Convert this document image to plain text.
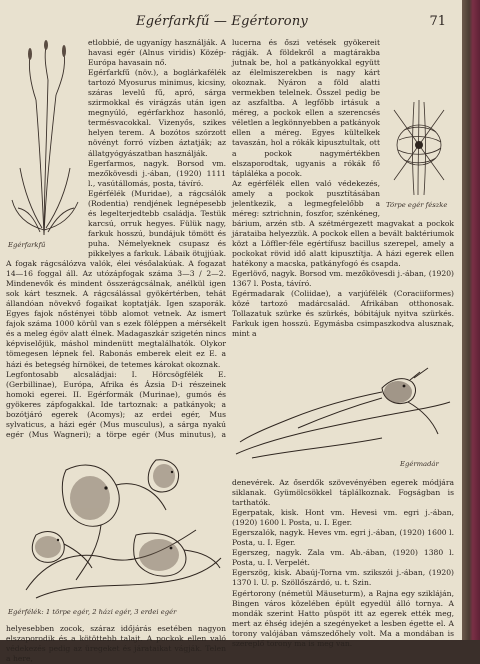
Egérfarkfű — Egértorony	71
Egérfarkfű

etlobbié, de ugyanígy használják. A havasi egér (Alnus viridis) Közép-Európa havasain nő.

Egérfarkfű (növ.), a boglárkafélék tartozó Myosurus minimus, kicsiny, száras levelű fű, apró, sárga szirmokkal és virágzás után igen megnyúló, egérfarkhoz hasonló, termésvacokkal. Vizenyős, szikes helyen terem. A bozótos szórzott növényt forró vízben áztatják; az állatgyógyászatban használják.

Egerfarmos, nagyk. Borsod vm. mezőkövesdi j.-ában, (1920) 1111 l., vasútállomás, posta, távíró.

Egérfélék (Muridae), a rágcsálók (Rodentia) rendjének legnépesebb és legelterjedtebb családja. Testük karcsú, orruk hegyes. Fülük nagy, farkuk hosszú, bundájuk tömött és puha. Némelyeknek csupasz és pikkelyes a farkuk. Lábaik ötujjúak. A fogak rágcsálózva valók, élei vésőalakúak. A fogazat 14—16 foggal áll. Az utózápfogak száma 3—3 / 2—2. Mindenevők és mindent összerágcsálnak, anélkül igen sok kárt tesznek. A rágcsálással gyökértérben, tehát állandóan növekvő fogaikat koptatják. Igen szaporák. Egyes fajok nőstényei több alomot vetnek. Az ismert fajok száma 1000 körül van s ezek föléppen a mérsékelt és a meleg égöv alatt élnek. Madagaszkár szigetén nincs képviselőjük, máshol mindenütt megtalálhatók. Olykor tömegesen lépnek fel. Rabonás emberek eleit ez E. a házi és betegség hírnökei, de tetemes károkat okoznak.

Legfontosabb alcsaládjai: I. Hörcsögfélék E. (Gerbillinae), Európa, Afrika és Ázsia D-i részeinek homoki egerei. II. Egérformák (Murinae), gumós és gyökeres zápfogakkal. Ide tartoznak: a patkányok; a bozótjáró egerek (Acomys); az erdei egér, Mus sylvaticus, a házi egér (Mus musculus), a sárga nyakú egér (Mus Wagneri); a törpe egér (Mus minutus), a

Egérfélék: 1 törpe egér, 2 házi egér, 3 erdei egér

helyesebben zocok, száraz időjárás esetében nagyon elszaporodik és a kötöttebb talajt. A pockok ellen való védekezés pedig az üregeket és járataikat vágják. Telen a here,

Törpe egér fészke

lucerna és őszi vetések gyökereit rágják. A földekről a magtárakba jutnak be, hol a patkányokkal együtt az élelmiszerekben is nagy kárt okoznak. Nyáron a föld alatti vermekben telelnek. Ősszel pedig be az aszfaltba. A legfőbb irtásuk a méreg, a pockok ellen a szerencsés véletlen a legkönnyebben a patkányok ellen a méreg. Egyes kültelkek tavaszán, hol a rókák kipusztultak, ott a pockok nagymértékben elszaporodtak, ugyanis a rókák fő tápláléka a pocok.

Az egérfélék ellen való védekezés, amely a pockok pusztításában jelentkezik, a legmegfelelőbb a méreg: sztrichnin, foszfor, szénkéneg, bárium, arzén stb. A szétmérgezett magvakat a pockok járataiba helyezzük. A pockok ellen a bevált baktériumok közt a Löffler-féle egértífusz bacillus szerepel, amely a pockokat rövid idő alatt kipusztítja. A házi egerek ellen hatékony a macska, patkányfogó és csapda.

Egerlövő, nagyk. Borsod vm. mezőkövesdi j.-ában, (1920) 1367 l. Posta, távíró.

Egérmadarak (Coliidae), a varjúfélék (Coraciiformes) közé tartozó madárcsalád. Afrikában otthonosak. Tollazatuk szürke és szürkés, bóbitájuk nyitva szürkés. Farkuk igen hosszú. Egymásba csimpaszkodva alusznak, mint a

Egérmadár

denevérek. Az őserdők szövevényében egerek módjára siklanak. Gyümölcsökkel táplálkoznak. Fogságban is tarthatók.

Egerpatak, kisk. Hont vm. Hevesi vm. egri j.-ában, (1920) 1600 l. Posta, u. I. Eger.

Egerszalók, nagyk. Heves vm. egri j.-ában, (1920) 1600 l. Posta, u. I. Eger.

Egerszeg, nagyk. Zala vm. Ab.-ában, (1920) 1380 l. Posta, u. I. Verpelét.

Egerszög, kisk. Abaúj-Torna vm. szikszói j.-ában, (1920) 1370 l. U. p. Szöllőszárdó, u. t. Szin.

Egértorony (németül Mäuseturm), a Rajna egy szikláján, Bingen város közelében épült egyedül álló tornya. A mondák szerint Hatto püspöt itt az egerek ették meg, mert az éhség idején a szegényeket a lesben égette el. A torony valójában vámszedőhely volt. Ma a mondában is szereplő torony ma is meg van.
